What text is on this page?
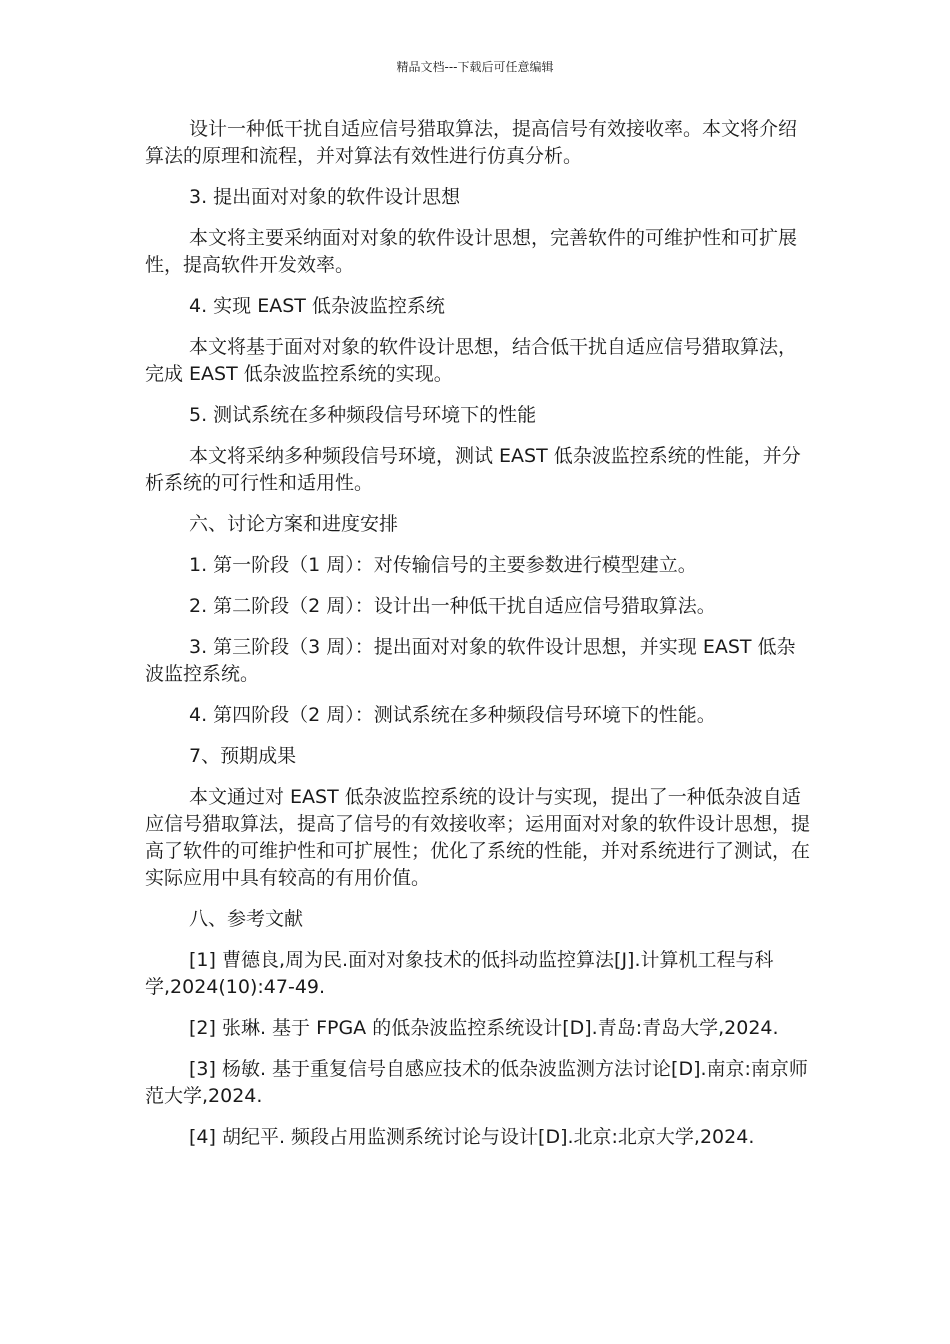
精品文档---下载后可任意编辑

设计一种低干扰自适应信号猎取算法，提高信号有效接收率。本文将介绍算法的原理和流程，并对算法有效性进行仿真分析。

3. 提出面对对象的软件设计思想

本文将主要采纳面对对象的软件设计思想，完善软件的可维护性和可扩展性，提高软件开发效率。

4. 实现 EAST 低杂波监控系统

本文将基于面对对象的软件设计思想，结合低干扰自适应信号猎取算法，完成 EAST 低杂波监控系统的实现。

5. 测试系统在多种频段信号环境下的性能

本文将采纳多种频段信号环境，测试 EAST 低杂波监控系统的性能，并分析系统的可行性和适用性。

六、讨论方案和进度安排

1. 第一阶段（1 周）：对传输信号的主要参数进行模型建立。

2. 第二阶段（2 周）：设计出一种低干扰自适应信号猎取算法。

3. 第三阶段（3 周）：提出面对对象的软件设计思想，并实现 EAST 低杂波监控系统。

4. 第四阶段（2 周）：测试系统在多种频段信号环境下的性能。

7、预期成果

本文通过对 EAST 低杂波监控系统的设计与实现，提出了一种低杂波自适应信号猎取算法，提高了信号的有效接收率；运用面对对象的软件设计思想，提高了软件的可维护性和可扩展性；优化了系统的性能，并对系统进行了测试，在实际应用中具有较高的有用价值。

八、参考文献

[1] 曹德良,周为民.面对对象技术的低抖动监控算法[J].计算机工程与科学,2024(10):47-49.

[2] 张琳. 基于 FPGA 的低杂波监控系统设计[D].青岛:青岛大学,2024.

[3] 杨敏. 基于重复信号自感应技术的低杂波监测方法讨论[D].南京:南京师范大学,2024.

[4] 胡纪平. 频段占用监测系统讨论与设计[D].北京:北京大学,2024.
